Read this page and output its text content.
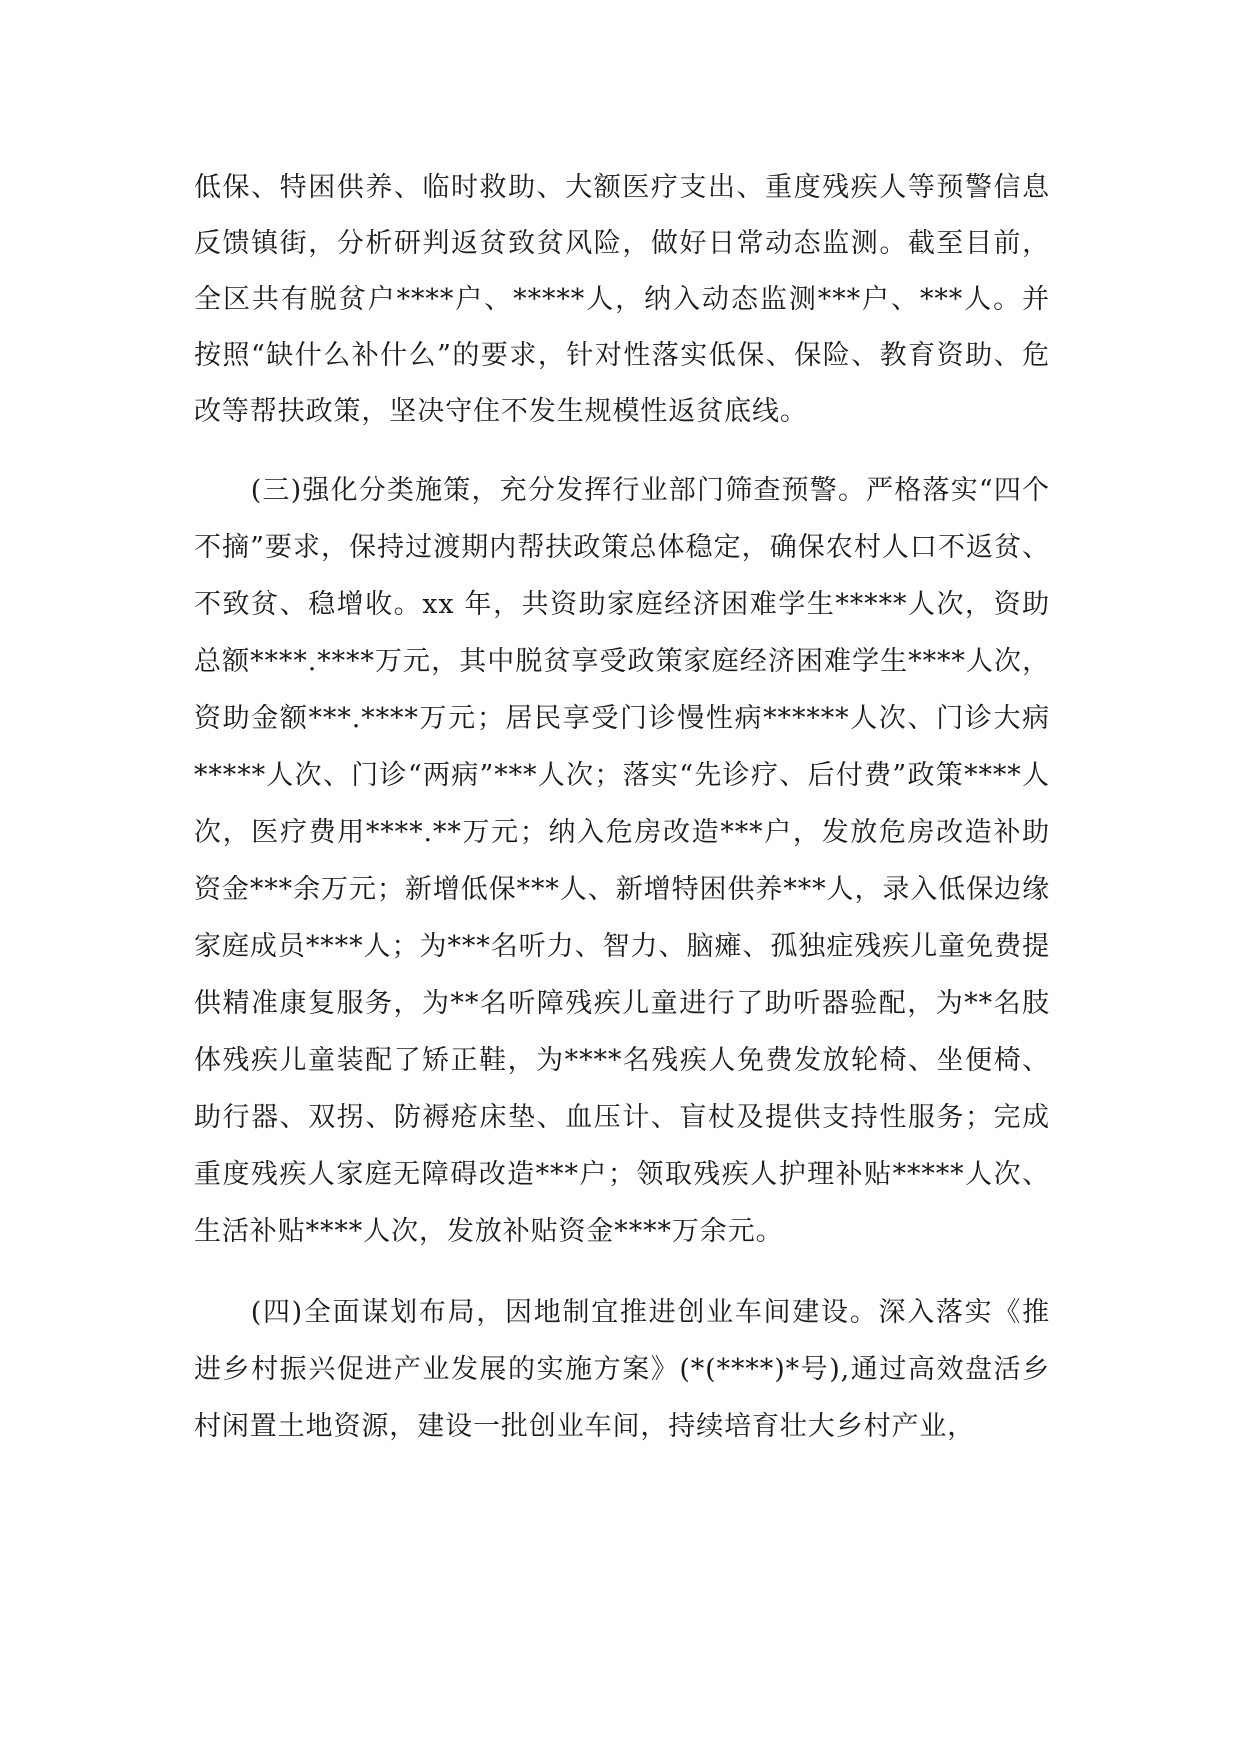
低保、特困供养、临时救助、大额医疗支出、重度残疾人等预警信息反馈镇街，分析研判返贫致贫风险，做好日常动态监测。截至目前，全区共有脱贫户****户、*****人，纳入动态监测***户、***人。并按照“缺什么补什么”的要求，针对性落实低保、保险、教育资助、危改等帮扶政策，坚决守住不发生规模性返贫底线。

(三)强化分类施策，充分发挥行业部门筛查预警。严格落实“四个不摘”要求，保持过渡期内帮扶政策总体稳定，确保农村人口不返贫、不致贫、稳增收。xx 年，共资助家庭经济困难学生*****人次，资助总额****.****万元，其中脱贫享受政策家庭经济困难学生****人次，资助金额***.****万元；居民享受门诊慢性病******人次、门诊大病*****人次、门诊“两病”***人次；落实“先诊疗、后付费”政策****人次，医疗费用****.**万元；纳入危房改造***户，发放危房改造补助资金***余万元；新增低保***人、新增特困供养***人，录入低保边缘家庭成员****人；为***名听力、智力、脑瘫、孤独症残疾儿童免费提供精准康复服务，为**名听障残疾儿童进行了助听器验配，为**名肢体残疾儿童装配了矫正鞋，为****名残疾人免费发放轮椅、坐便椅、助行器、双拐、防褥疮床垫、血压计、盲杖及提供支持性服务；完成重度残疾人家庭无障碍改造***户；领取残疾人护理补贴*****人次、生活补贴****人次，发放补贴资金****万余元。

(四)全面谋划布局，因地制宜推进创业车间建设。深入落实《推进乡村振兴促进产业发展的实施方案》(*(****)*号),通过高效盘活乡村闲置土地资源，建设一批创业车间，持续培育壮大乡村产业，
